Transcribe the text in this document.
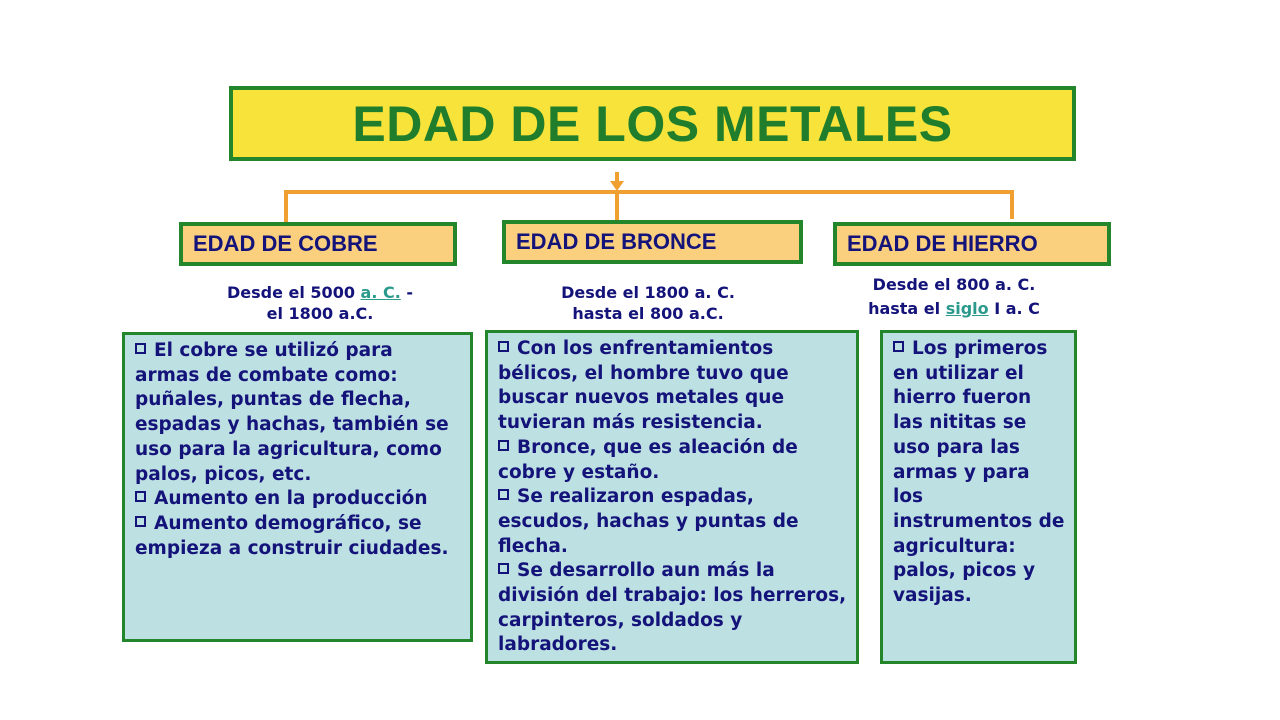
EDAD DE LOS METALES
EDAD DE COBRE	EDAD DE BRONCE	EDAD DE HIERRO
Desde el 5000 a. C. -
el 1800 a.C.
Desde el 1800 a. C.
hasta el 800 a.C.
Desde el 800 a. C.
hasta el siglo I a. C
El cobre se utilizó para armas de combate como: puñales, puntas de flecha, espadas y hachas, también se uso para la agricultura, como palos, picos, etc.
Aumento en la producción
Aumento demográfico, se empieza a construir ciudades.
Con los enfrentamientos bélicos, el hombre tuvo que buscar nuevos metales que tuvieran más resistencia.
Bronce, que es aleación de cobre y estaño.
Se realizaron espadas, escudos, hachas y puntas de flecha.
Se desarrollo aun más la división del trabajo: los herreros, carpinteros, soldados y labradores.
Los primeros en utilizar el hierro fueron las nititas se uso para las armas y para los instrumentos de agricultura: palos, picos y vasijas.
